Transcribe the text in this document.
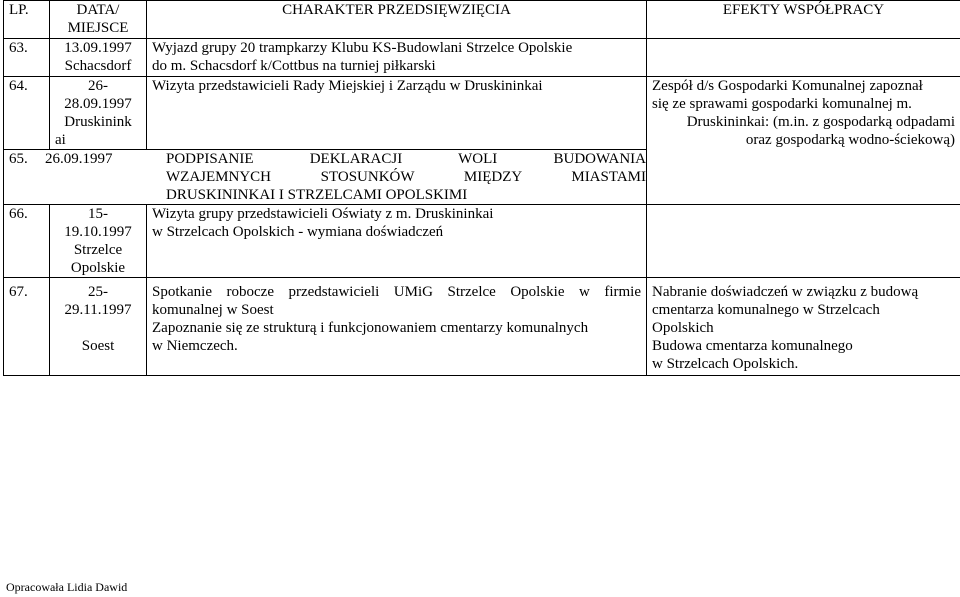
LP.	DATA/
MIEJSCE	CHARAKTER PRZEDSIĘWZIĘCIA	EFEKTY WSPÓŁPRACY
63.	13.09.1997
Schacsdorf	Wyjazd grupy 20 trampkarzy Klubu KS-Budowlani Strzelce Opolskie
do m. Schacsdorf k/Cottbus na turniej piłkarski	

64.	26-
28.09.1997
Druskinink
ai	Wizyta przedstawicieli Rady Miejskiej i Zarządu w Druskininkai	Zespół d/s Gospodarki Komunalnej zapoznał
się ze sprawami gospodarki komunalnej m.
Druskininkai: (m.in. z gospodarką odpadami
oraz gospodarką wodno-ściekową)

65. 26.09.1997 PODPISANIE DEKLARACJI WOLI BUDOWANIA
WZAJEMNYCH STOSUNKÓW MIĘDZY MIASTAMI
DRUSKININKAI I STRZELCAMI OPOLSKIMI			

66.	15-
19.10.1997
Strzelce
Opolskie	Wizyta grupy przedstawicieli Oświaty z m. Druskininkai
w Strzelcach Opolskich - wymiana doświadczeń	

67.	25-
29.11.1997
Soest	Spotkanie robocze przedstawicieli UMiG Strzelce Opolskie w firmie
komunalnej w Soest
Zapoznanie się ze strukturą i funkcjonowaniem cmentarzy komunalnych
w Niemczech.	Nabranie doświadczeń w związku z budową
cmentarza komunalnego w Strzelcach
Opolskich
Budowa cmentarza komunalnego
w Strzelcach Opolskich.
Opracowała Lidia Dawid
